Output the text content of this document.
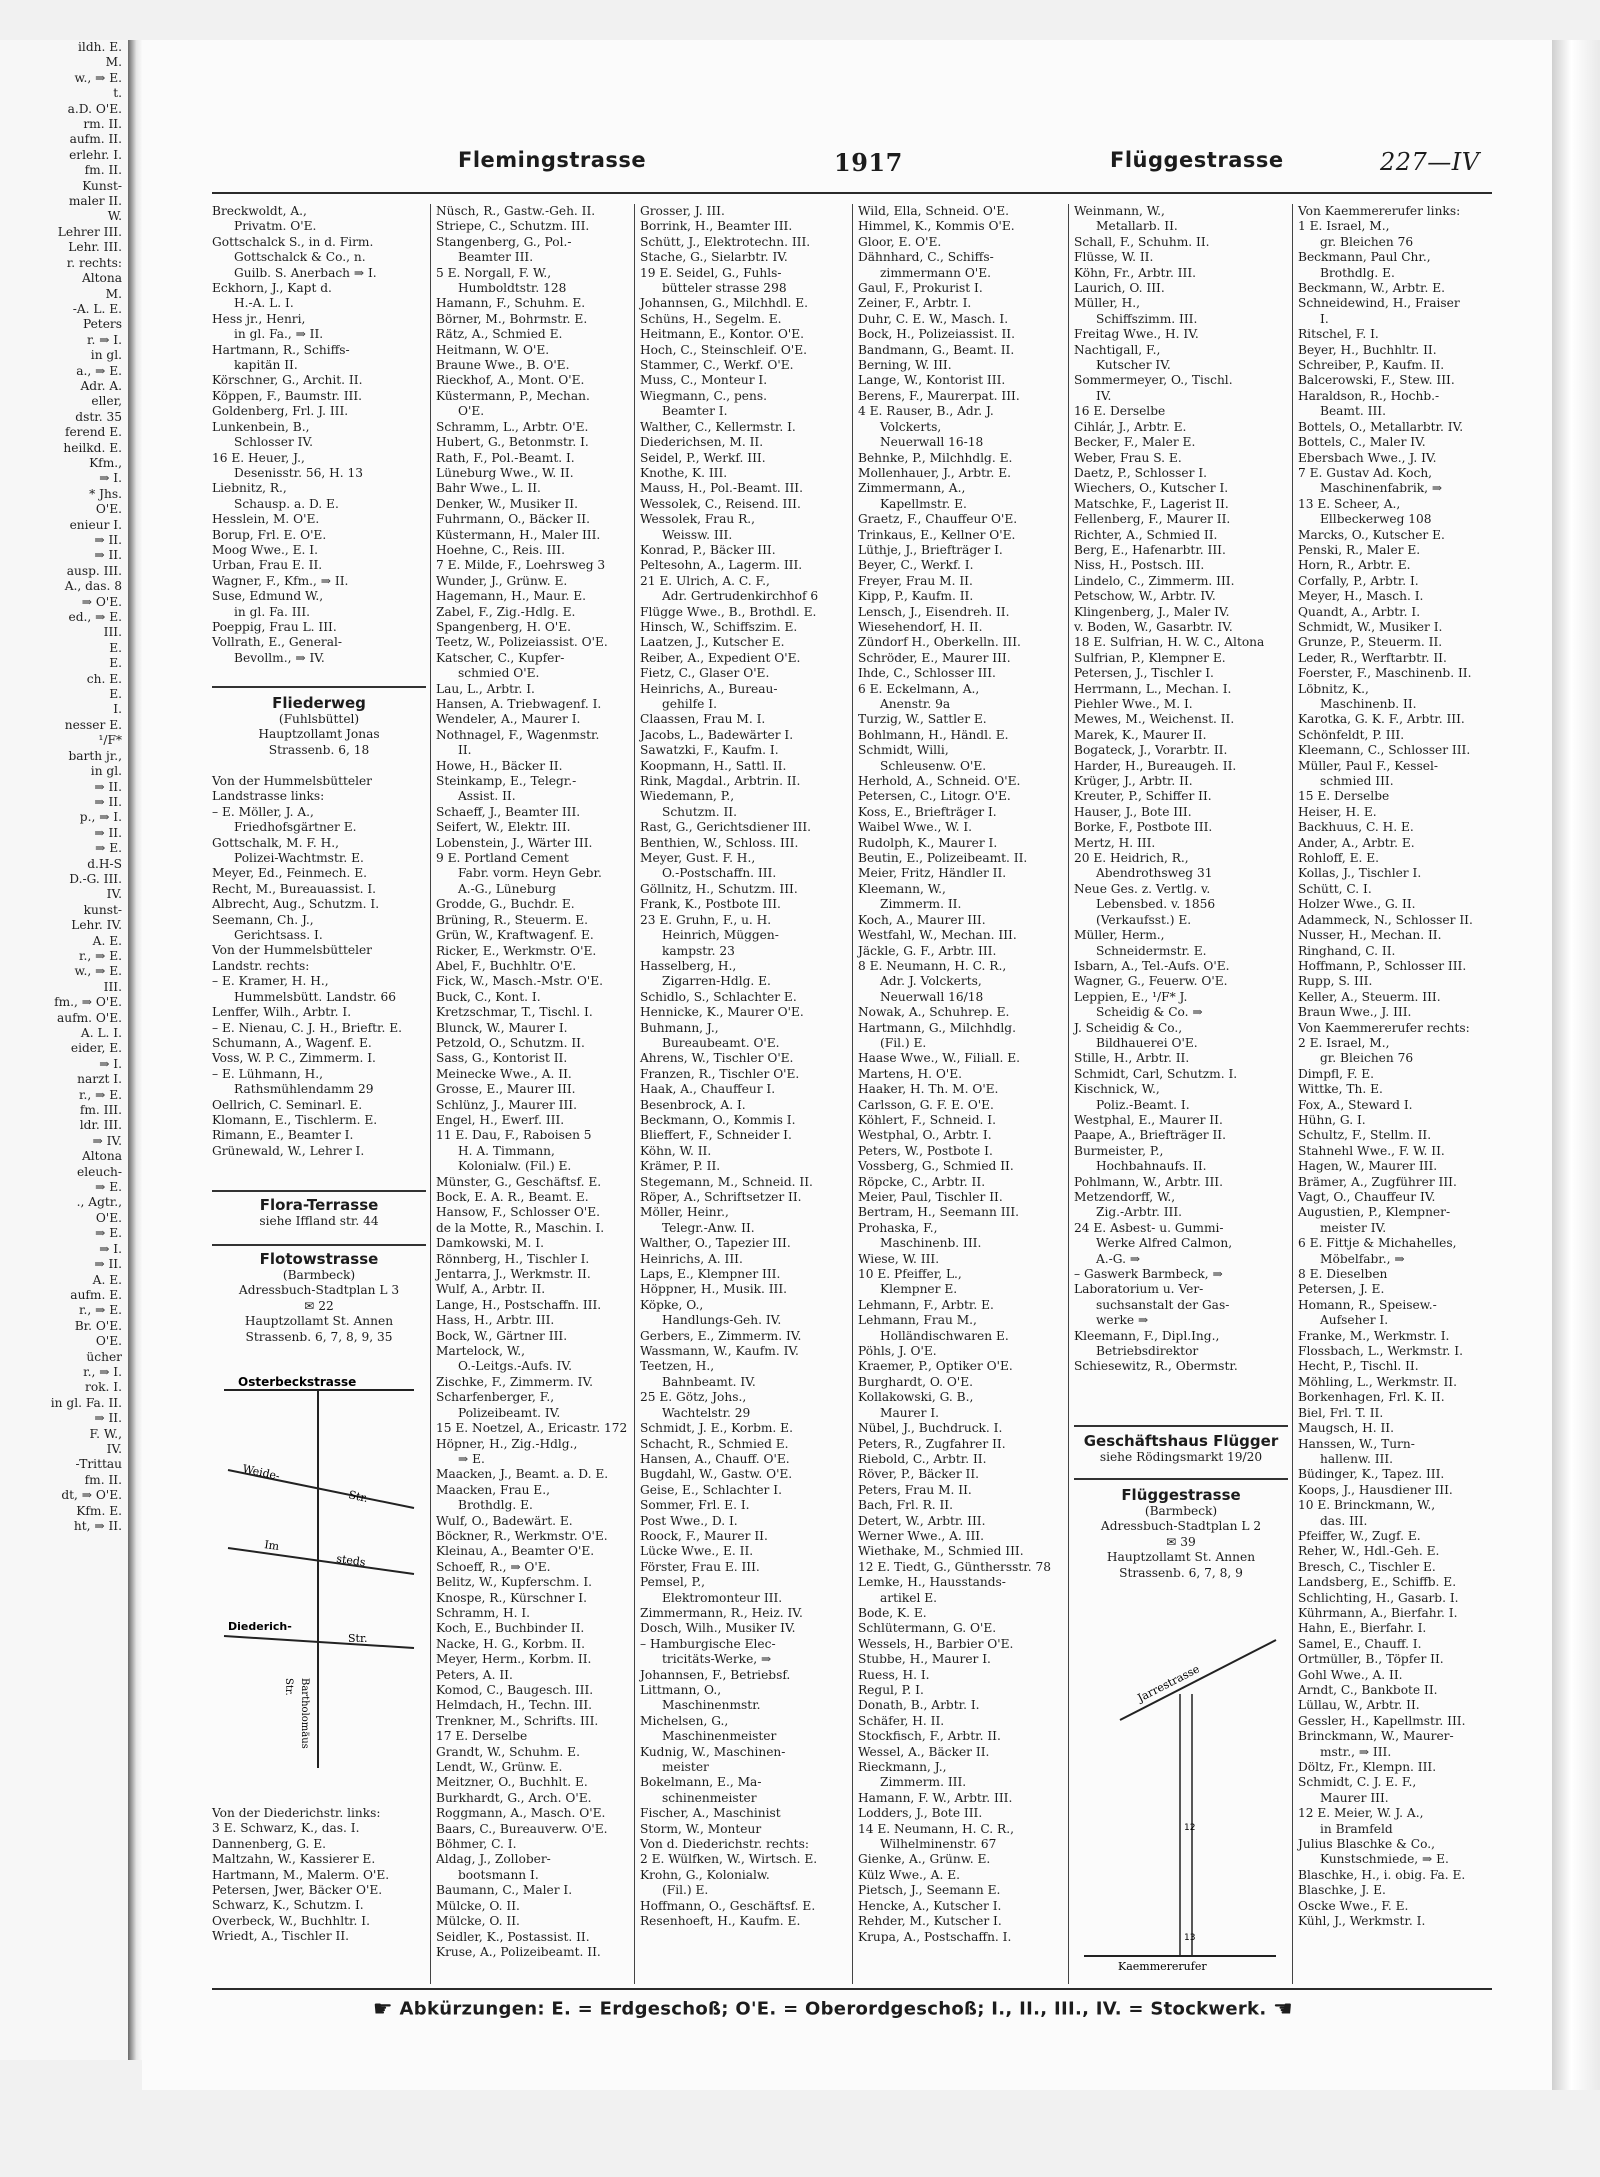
ildh. E.
M.
w., ⇒ E.
t.
a.D. O'E.
rm. II.
aufm. II.
erlehr. I.
fm. II.
Kunst-
maler II.
W.
Lehrer III.
Lehr. III.
r. rechts:
Altona
M.
-A. L. E.
Peters
r. ⇒ I.
in gl.
a., ⇒ E.
Adr. A.
eller,
dstr. 35
ferend E.
heilkd. E.
Kfm.,
⇒ I.
* Jhs.
O'E.
enieur I.
⇒ II.
⇒ II.
ausp. III.
A., das. 8
⇒ O'E.
ed., ⇒ E.
III.
E.
E.
ch. E.
E.
I.
nesser E.
¹/F*
barth jr.,
in gl.
⇒ II.
⇒ II.
p., ⇒ I.
⇒ II.
⇒ E.
d.H-S
D.-G. III.
IV.
kunst-
Lehr. IV.
A. E.
r., ⇒ E.
w., ⇒ E.
III.
fm., ⇒ O'E.
aufm. O'E.
A. L. I.
eider, E.
⇒ I.
narzt I.
r., ⇒ E.
fm. III.
ldr. III.
⇒ IV.
Altona
eleuch-
⇒ E.
., Agtr.,
O'E.
⇒ E.
⇒ I.
⇒ II.
A. E.
aufm. E.
r., ⇒ E.
Br. O'E.
O'E.
ücher
r., ⇒ I.
rok. I.
in gl. Fa. II.
⇒ II.
F. W.,
IV.
-Trittau
fm. II.
dt, ⇒ O'E.
Kfm. E.
ht, ⇒ II.
Flemingstrasse	1917	Flüggestrasse	227—IV
Breckwoldt, A.,
Privatm. O'E.
Gottschalck S., in d. Firm.
Gottschalck & Co., n.
Guilb. S. Anerbach ⇒ I.
Eckhorn, J., Kapt d.
H.-A. L. I.
Hess jr., Henri,
in gl. Fa., ⇒ II.
Hartmann, R., Schiffs-
kapitän II.
Körschner, G., Archit. II.
Köppen, F., Baumstr. III.
Goldenberg, Frl. J. III.
Lunkenbein, B.,
Schlosser IV.
16 E. Heuer, J.,
Desenisstr. 56, H. 13
Liebnitz, R.,
Schausp. a. D. E.
Hesslein, M. O'E.
Borup, Frl. E. O'E.
Moog Wwe., E. I.
Urban, Frau E. II.
Wagner, F., Kfm., ⇒ II.
Suse, Edmund W.,
in gl. Fa. III.
Poeppig, Frau L. III.
Vollrath, E., General-
Bevollm., ⇒ IV.
Fliederweg
(Fuhlsbüttel)
Hauptzollamt Jonas
Strassenb. 6, 18
Von der Hummelsbütteler
Landstrasse links:
– E. Möller, J. A.,
Friedhofsgärtner E.
Gottschalk, M. F. H.,
Polizei-Wachtmstr. E.
Meyer, Ed., Feinmech. E.
Recht, M., Bureauassist. I.
Albrecht, Aug., Schutzm. I.
Seemann, Ch. J.,
Gerichtsass. I.
Von der Hummelsbütteler
Landstr. rechts:
– E. Kramer, H. H.,
Hummelsbütt. Landstr. 66
Lenffer, Wilh., Arbtr. I.
– E. Nienau, C. J. H., Brieftr. E.
Schumann, A., Wagenf. E.
Voss, W. P. C., Zimmerm. I.
– E. Lühmann, H.,
Rathsmühlendamm 29
Oellrich, C. Seminarl. E.
Klomann, E., Tischlerm. E.
Rimann, E., Beamter I.
Grünewald, W., Lehrer I.
Flora-Terrasse
siehe Iffland str. 44
Flotowstrasse
(Barmbeck)
Adressbuch-Stadtplan L 3
✉ 22
Hauptzollamt St. Annen
Strassenb. 6, 7, 8, 9, 35
Osterbeckstrasse
Weide-
Str.
Im
steds
Diederich-
Str.
Bartholomäus
Str.
Von der Diederichstr. links:
3 E. Schwarz, K., das. I.
Dannenberg, G. E.
Maltzahn, W., Kassierer E.
Hartmann, M., Malerm. O'E.
Petersen, Jwer, Bäcker O'E.
Schwarz, K., Schutzm. I.
Overbeck, W., Buchhltr. I.
Wriedt, A., Tischler II.
Nüsch, R., Gastw.-Geh. II.
Striepe, C., Schutzm. III.
Stangenberg, G., Pol.-
Beamter III.
5 E. Norgall, F. W.,
Humboldtstr. 128
Hamann, F., Schuhm. E.
Börner, M., Bohrmstr. E.
Rätz, A., Schmied E.
Heitmann, W. O'E.
Braune Wwe., B. O'E.
Rieckhof, A., Mont. O'E.
Küstermann, P., Mechan.
O'E.
Schramm, L., Arbtr. O'E.
Hubert, G., Betonmstr. I.
Rath, F., Pol.-Beamt. I.
Lüneburg Wwe., W. II.
Bahr Wwe., L. II.
Denker, W., Musiker II.
Fuhrmann, O., Bäcker II.
Küstermann, H., Maler III.
Hoehne, C., Reis. III.
7 E. Milde, F., Loehrsweg 3
Wunder, J., Grünw. E.
Hagemann, H., Maur. E.
Zabel, F., Zig.-Hdlg. E.
Spangenberg, H. O'E.
Teetz, W., Polizeiassist. O'E.
Katscher, C., Kupfer-
schmied O'E.
Lau, L., Arbtr. I.
Hansen, A. Triebwagenf. I.
Wendeler, A., Maurer I.
Nothnagel, F., Wagenmstr.
II.
Howe, H., Bäcker II.
Steinkamp, E., Telegr.-
Assist. II.
Schaeff, J., Beamter III.
Seifert, W., Elektr. III.
Lobenstein, J., Wärter III.
9 E. Portland Cement
Fabr. vorm. Heyn Gebr.
A.-G., Lüneburg
Grodde, G., Buchdr. E.
Brüning, R., Steuerm. E.
Grün, W., Kraftwagenf. E.
Ricker, E., Werkmstr. O'E.
Abel, F., Buchhltr. O'E.
Fick, W., Masch.-Mstr. O'E.
Buck, C., Kont. I.
Kretzschmar, T., Tischl. I.
Blunck, W., Maurer I.
Petzold, O., Schutzm. II.
Sass, G., Kontorist II.
Meinecke Wwe., A. II.
Grosse, E., Maurer III.
Schlünz, J., Maurer III.
Engel, H., Ewerf. III.
11 E. Dau, F., Raboisen 5
H. A. Timmann,
Kolonialw. (Fil.) E.
Münster, G., Geschäftsf. E.
Bock, E. A. R., Beamt. E.
Hansow, F., Schlosser O'E.
de la Motte, R., Maschin. I.
Damkowski, M. I.
Rönnberg, H., Tischler I.
Jentarra, J., Werkmstr. II.
Wulf, A., Arbtr. II.
Lange, H., Postschaffn. III.
Hass, H., Arbtr. III.
Bock, W., Gärtner III.
Martelock, W.,
O.-Leitgs.-Aufs. IV.
Zischke, F., Zimmerm. IV.
Scharfenberger, F.,
Polizeibeamt. IV.
15 E. Noetzel, A., Ericastr. 172
Höpner, H., Zig.-Hdlg.,
⇒ E.
Maacken, J., Beamt. a. D. E.
Maacken, Frau E.,
Brothdlg. E.
Wulf, O., Badewärt. E.
Böckner, R., Werkmstr. O'E.
Kleinau, A., Beamter O'E.
Schoeff, R., ⇒ O'E.
Belitz, W., Kupferschm. I.
Knospe, R., Kürschner I.
Schramm, H. I.
Koch, E., Buchbinder II.
Nacke, H. G., Korbm. II.
Meyer, Herm., Korbm. II.
Peters, A. II.
Komod, C., Baugesch. III.
Helmdach, H., Techn. III.
Trenkner, M., Schrifts. III.
17 E. Derselbe
Grandt, W., Schuhm. E.
Lendt, W., Grünw. E.
Meitzner, O., Buchhlt. E.
Burkhardt, G., Arch. O'E.
Roggmann, A., Masch. O'E.
Baars, C., Bureauverw. O'E.
Böhmer, C. I.
Aldag, J., Zollober-
bootsmann I.
Baumann, C., Maler I.
Mülcke, O. II.
Mülcke, O. II.
Seidler, K., Postassist. II.
Kruse, A., Polizeibeamt. II.
Grosser, J. III.
Borrink, H., Beamter III.
Schütt, J., Elektrotechn. III.
Stache, G., Sielarbtr. IV.
19 E. Seidel, G., Fuhls-
bütteler strasse 298
Johannsen, G., Milchhdl. E.
Schüns, H., Segelm. E.
Heitmann, E., Kontor. O'E.
Hoch, C., Steinschleif. O'E.
Stammer, C., Werkf. O'E.
Muss, C., Monteur I.
Wiegmann, C., pens.
Beamter I.
Walther, C., Kellermstr. I.
Diederichsen, M. II.
Seidel, P., Werkf. III.
Knothe, K. III.
Mauss, H., Pol.-Beamt. III.
Wessolek, C., Reisend. III.
Wessolek, Frau R.,
Weissw. III.
Konrad, P., Bäcker III.
Peltesohn, A., Lagerm. III.
21 E. Ulrich, A. C. F.,
Adr. Gertrudenkirchhof 6
Flügge Wwe., B., Brothdl. E.
Hinsch, W., Schiffszim. E.
Laatzen, J., Kutscher E.
Reiber, A., Expedient O'E.
Fietz, C., Glaser O'E.
Heinrichs, A., Bureau-
gehilfe I.
Claassen, Frau M. I.
Jacobs, L., Badewärter I.
Sawatzki, F., Kaufm. I.
Koopmann, H., Sattl. II.
Rink, Magdal., Arbtrin. II.
Wiedemann, P.,
Schutzm. II.
Rast, G., Gerichtsdiener III.
Benthien, W., Schloss. III.
Meyer, Gust. F. H.,
O.-Postschaffn. III.
Göllnitz, H., Schutzm. III.
Frank, K., Postbote III.
23 E. Gruhn, F., u. H.
Heinrich, Müggen-
kampstr. 23
Hasselberg, H.,
Zigarren-Hdlg. E.
Schidlo, S., Schlachter E.
Hennicke, K., Maurer O'E.
Buhmann, J.,
Bureaubeamt. O'E.
Ahrens, W., Tischler O'E.
Franzen, R., Tischler O'E.
Haak, A., Chauffeur I.
Besenbrock, A. I.
Beckmann, O., Kommis I.
Blieffert, F., Schneider I.
Köhn, W. II.
Krämer, P. II.
Stegemann, M., Schneid. II.
Röper, A., Schriftsetzer II.
Möller, Heinr.,
Telegr.-Anw. II.
Walther, O., Tapezier III.
Heinrichs, A. III.
Laps, E., Klempner III.
Höppner, H., Musik. III.
Köpke, O.,
Handlungs-Geh. IV.
Gerbers, E., Zimmerm. IV.
Wassmann, W., Kaufm. IV.
Teetzen, H.,
Bahnbeamt. IV.
25 E. Götz, Johs.,
Wachtelstr. 29
Schmidt, J. E., Korbm. E.
Schacht, R., Schmied E.
Hansen, A., Chauff. O'E.
Bugdahl, W., Gastw. O'E.
Geise, E., Schlachter I.
Sommer, Frl. E. I.
Post Wwe., D. I.
Roock, F., Maurer II.
Lücke Wwe., E. II.
Förster, Frau E. III.
Pemsel, P.,
Elektromonteur III.
Zimmermann, R., Heiz. IV.
Dosch, Wilh., Musiker IV.
– Hamburgische Elec-
tricitäts-Werke, ⇒
Johannsen, F., Betriebsf.
Littmann, O.,
Maschinenmstr.
Michelsen, G.,
Maschinenmeister
Kudnig, W., Maschinen-
meister
Bokelmann, E., Ma-
schinenmeister
Fischer, A., Maschinist
Storm, W., Monteur
Von d. Diederichstr. rechts:
2 E. Wülfken, W., Wirtsch. E.
Krohn, G., Kolonialw.
(Fil.) E.
Hoffmann, O., Geschäftsf. E.
Resenhoeft, H., Kaufm. E.
Wild, Ella, Schneid. O'E.
Himmel, K., Kommis O'E.
Gloor, E. O'E.
Dähnhard, C., Schiffs-
zimmermann O'E.
Gaul, F., Prokurist I.
Zeiner, F., Arbtr. I.
Duhr, C. E. W., Masch. I.
Bock, H., Polizeiassist. II.
Bandmann, G., Beamt. II.
Berning, W. III.
Lange, W., Kontorist III.
Berens, F., Maurerpat. III.
4 E. Rauser, B., Adr. J.
Volckerts,
Neuerwall 16-18
Behnke, P., Milchhdlg. E.
Mollenhauer, J., Arbtr. E.
Zimmermann, A.,
Kapellmstr. E.
Graetz, F., Chauffeur O'E.
Trinkaus, E., Kellner O'E.
Lüthje, J., Briefträger I.
Beyer, C., Werkf. I.
Freyer, Frau M. II.
Kipp, P., Kaufm. II.
Lensch, J., Eisendreh. II.
Wiesehendorf, H. II.
Zündorf H., Oberkelln. III.
Schröder, E., Maurer III.
Ihde, C., Schlosser III.
6 E. Eckelmann, A.,
Anenstr. 9a
Turzig, W., Sattler E.
Bohlmann, H., Händl. E.
Schmidt, Willi,
Schleusenw. O'E.
Herhold, A., Schneid. O'E.
Petersen, C., Litogr. O'E.
Koss, E., Briefträger I.
Waibel Wwe., W. I.
Rudolph, K., Maurer I.
Beutin, E., Polizeibeamt. II.
Meier, Fritz, Händler II.
Kleemann, W.,
Zimmerm. II.
Koch, A., Maurer III.
Westfahl, W., Mechan. III.
Jäckle, G. F., Arbtr. III.
8 E. Neumann, H. C. R.,
Adr. J. Volckerts,
Neuerwall 16/18
Nowak, A., Schuhrep. E.
Hartmann, G., Milchhdlg.
(Fil.) E.
Haase Wwe., W., Filiall. E.
Martens, H. O'E.
Haaker, H. Th. M. O'E.
Carlsson, G. F. E. O'E.
Köhlert, F., Schneid. I.
Westphal, O., Arbtr. I.
Peters, W., Postbote I.
Vossberg, G., Schmied II.
Röpcke, C., Arbtr. II.
Meier, Paul, Tischler II.
Bertram, H., Seemann III.
Prohaska, F.,
Maschinenb. III.
Wiese, W. III.
10 E. Pfeiffer, L.,
Klempner E.
Lehmann, F., Arbtr. E.
Lehmann, Frau M.,
Holländischwaren E.
Pöhls, J. O'E.
Kraemer, P., Optiker O'E.
Burghardt, O. O'E.
Kollakowski, G. B.,
Maurer I.
Nübel, J., Buchdruck. I.
Peters, R., Zugfahrer II.
Riebold, C., Arbtr. II.
Röver, P., Bäcker II.
Peters, Frau M. II.
Bach, Frl. R. II.
Detert, W., Arbtr. III.
Werner Wwe., A. III.
Wiethake, M., Schmied III.
12 E. Tiedt, G., Günthersstr. 78
Lemke, H., Hausstands-
artikel E.
Bode, K. E.
Schlütermann, G. O'E.
Wessels, H., Barbier O'E.
Stubbe, H., Maurer I.
Ruess, H. I.
Regul, P. I.
Donath, B., Arbtr. I.
Schäfer, H. II.
Stockfisch, F., Arbtr. II.
Wessel, A., Bäcker II.
Rieckmann, J.,
Zimmerm. III.
Hamann, F. W., Arbtr. III.
Lodders, J., Bote III.
14 E. Neumann, H. C. R.,
Wilhelminenstr. 67
Gienke, A., Grünw. E.
Külz Wwe., A. E.
Pietsch, J., Seemann E.
Hencke, A., Kutscher I.
Rehder, M., Kutscher I.
Krupa, A., Postschaffn. I.
Weinmann, W.,
Metallarb. II.
Schall, F., Schuhm. II.
Flüsse, W. II.
Köhn, Fr., Arbtr. III.
Laurich, O. III.
Müller, H.,
Schiffszimm. III.
Freitag Wwe., H. IV.
Nachtigall, F.,
Kutscher IV.
Sommermeyer, O., Tischl.
IV.
16 E. Derselbe
Cihlár, J., Arbtr. E.
Becker, F., Maler E.
Weber, Frau S. E.
Daetz, P., Schlosser I.
Wiechers, O., Kutscher I.
Matschke, F., Lagerist II.
Fellenberg, F., Maurer II.
Richter, A., Schmied II.
Berg, E., Hafenarbtr. III.
Niss, H., Postsch. III.
Lindelo, C., Zimmerm. III.
Petschow, W., Arbtr. IV.
Klingenberg, J., Maler IV.
v. Boden, W., Gasarbtr. IV.
18 E. Sulfrian, H. W. C., Altona
Sulfrian, P., Klempner E.
Petersen, J., Tischler I.
Herrmann, L., Mechan. I.
Piehler Wwe., M. I.
Mewes, M., Weichenst. II.
Marek, K., Maurer II.
Bogateck, J., Vorarbtr. II.
Harder, H., Bureaugeh. II.
Krüger, J., Arbtr. II.
Kreuter, P., Schiffer II.
Hauser, J., Bote III.
Borke, F., Postbote III.
Mertz, H. III.
20 E. Heidrich, R.,
Abendrothsweg 31
Neue Ges. z. Vertlg. v.
Lebensbed. v. 1856
(Verkaufsst.) E.
Müller, Herm.,
Schneidermstr. E.
Isbarn, A., Tel.-Aufs. O'E.
Wagner, G., Feuerw. O'E.
Leppien, E., ¹/F* J.
Scheidig & Co. ⇒
J. Scheidig & Co.,
Bildhauerei O'E.
Stille, H., Arbtr. II.
Schmidt, Carl, Schutzm. I.
Kischnick, W.,
Poliz.-Beamt. I.
Westphal, E., Maurer II.
Paape, A., Briefträger II.
Burmeister, P.,
Hochbahnaufs. II.
Pohlmann, W., Arbtr. III.
Metzendorff, W.,
Zig.-Arbtr. III.
24 E. Asbest- u. Gummi-
Werke Alfred Calmon,
A.-G. ⇒
– Gaswerk Barmbeck, ⇒
Laboratorium u. Ver-
suchsanstalt der Gas-
werke ⇒
Kleemann, F., Dipl.Ing.,
Betriebsdirektor
Schiesewitz, R., Obermstr.
Geschäftshaus Flügger
siehe Rödingsmarkt 19/20
Flüggestrasse
(Barmbeck)
Adressbuch-Stadtplan L 2
✉ 39
Hauptzollamt St. Annen
Strassenb. 6, 7, 8, 9
Jarrestrasse
12
13
Kaemmererufer
Von Kaemmererufer links:
1 E. Israel, M.,
gr. Bleichen 76
Beckmann, Paul Chr.,
Brothdlg. E.
Beckmann, W., Arbtr. E.
Schneidewind, H., Fraiser
I.
Ritschel, F. I.
Beyer, H., Buchhltr. II.
Schreiber, P., Kaufm. II.
Balcerowski, F., Stew. III.
Haraldson, R., Hochb.-
Beamt. III.
Bottels, O., Metallarbtr. IV.
Bottels, C., Maler IV.
Ebersbach Wwe., J. IV.
7 E. Gustav Ad. Koch,
Maschinenfabrik, ⇒
13 E. Scheer, A.,
Ellbeckerweg 108
Marcks, O., Kutscher E.
Penski, R., Maler E.
Horn, R., Arbtr. E.
Corfally, P., Arbtr. I.
Meyer, H., Masch. I.
Quandt, A., Arbtr. I.
Schmidt, W., Musiker I.
Grunze, P., Steuerm. II.
Leder, R., Werftarbtr. II.
Foerster, F., Maschinenb. II.
Löbnitz, K.,
Maschinenb. II.
Karotka, G. K. F., Arbtr. III.
Schönfeldt, P. III.
Kleemann, C., Schlosser III.
Müller, Paul F., Kessel-
schmied III.
15 E. Derselbe
Heiser, H. E.
Backhuus, C. H. E.
Ander, A., Arbtr. E.
Rohloff, E. E.
Kollas, J., Tischler I.
Schütt, C. I.
Holzer Wwe., G. II.
Adammeck, N., Schlosser II.
Nusser, H., Mechan. II.
Ringhand, C. II.
Hoffmann, P., Schlosser III.
Rupp, S. III.
Keller, A., Steuerm. III.
Braun Wwe., J. III.
Von Kaemmererufer rechts:
2 E. Israel, M.,
gr. Bleichen 76
Dimpfl, F. E.
Wittke, Th. E.
Fox, A., Steward I.
Hühn, G. I.
Schultz, F., Stellm. II.
Stahnehl Wwe., F. W. II.
Hagen, W., Maurer III.
Brämer, A., Zugführer III.
Vagt, O., Chauffeur IV.
Augustien, P., Klempner-
meister IV.
6 E. Fittje & Michahelles,
Möbelfabr., ⇒
8 E. Dieselben
Petersen, J. E.
Homann, R., Speisew.-
Aufseher I.
Franke, M., Werkmstr. I.
Flossbach, L., Werkmstr. I.
Hecht, P., Tischl. II.
Möhling, L., Werkmstr. II.
Borkenhagen, Frl. K. II.
Biel, Frl. T. II.
Maugsch, H. II.
Hanssen, W., Turn-
hallenw. III.
Büdinger, K., Tapez. III.
Koops, J., Hausdiener III.
10 E. Brinckmann, W.,
das. III.
Pfeiffer, W., Zugf. E.
Reher, W., Hdl.-Geh. E.
Bresch, C., Tischler E.
Landsberg, E., Schiffb. E.
Schlichting, H., Gasarb. I.
Kührmann, A., Bierfahr. I.
Hahn, E., Bierfahr. I.
Samel, E., Chauff. I.
Ortmüller, B., Töpfer II.
Gohl Wwe., A. II.
Arndt, C., Bankbote II.
Lüllau, W., Arbtr. II.
Gessler, H., Kapellmstr. III.
Brinckmann, W., Maurer-
mstr., ⇒ III.
Döltz, Fr., Klempn. III.
Schmidt, C. J. E. F.,
Maurer III.
12 E. Meier, W. J. A.,
in Bramfeld
Julius Blaschke & Co.,
Kunstschmiede, ⇒ E.
Blaschke, H., i. obig. Fa. E.
Blaschke, J. E.
Oscke Wwe., F. E.
Kühl, J., Werkmstr. I.
☛ Abkürzungen: E. = Erdgeschoß; O'E. = Oberordgeschoß; I., II., III., IV. = Stockwerk. ☚
